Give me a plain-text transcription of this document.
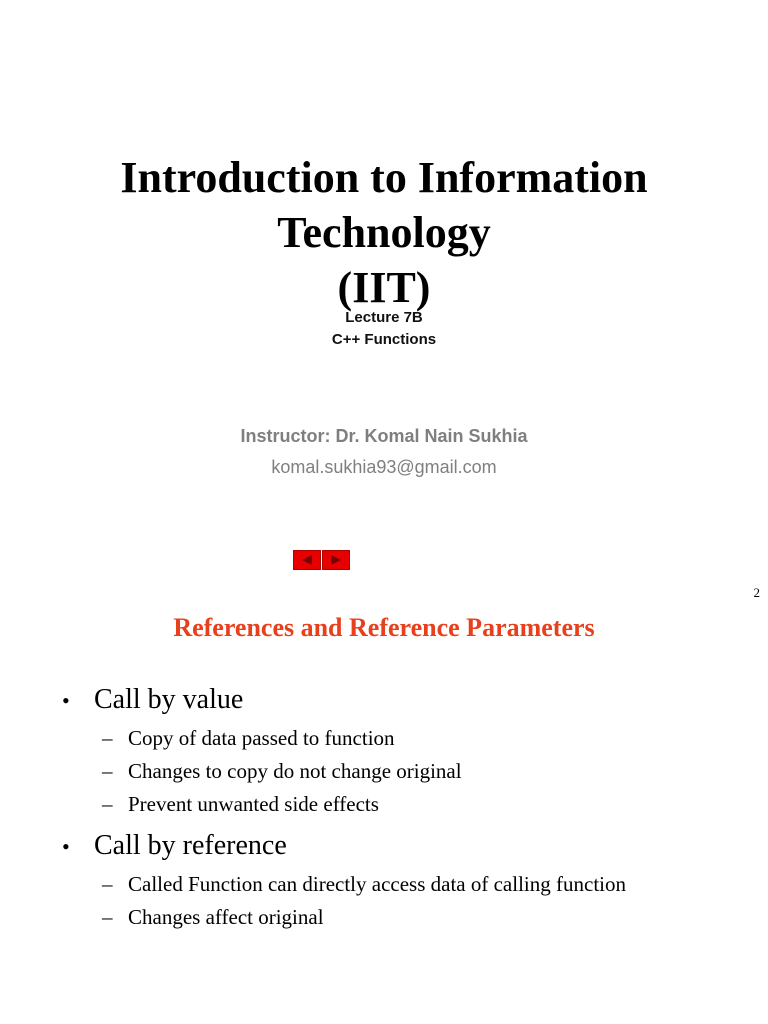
Introduction to Information
Technology
(IIT)
Lecture 7B
C++ Functions
Instructor: Dr. Komal Nain Sukhia
komal.sukhia93@gmail.com
2
References and Reference Parameters
• Call by value
– Copy of data passed to function
– Changes to copy do not change original
– Prevent unwanted side effects
• Call by reference
– Called Function can directly access data of calling function
– Changes affect original
